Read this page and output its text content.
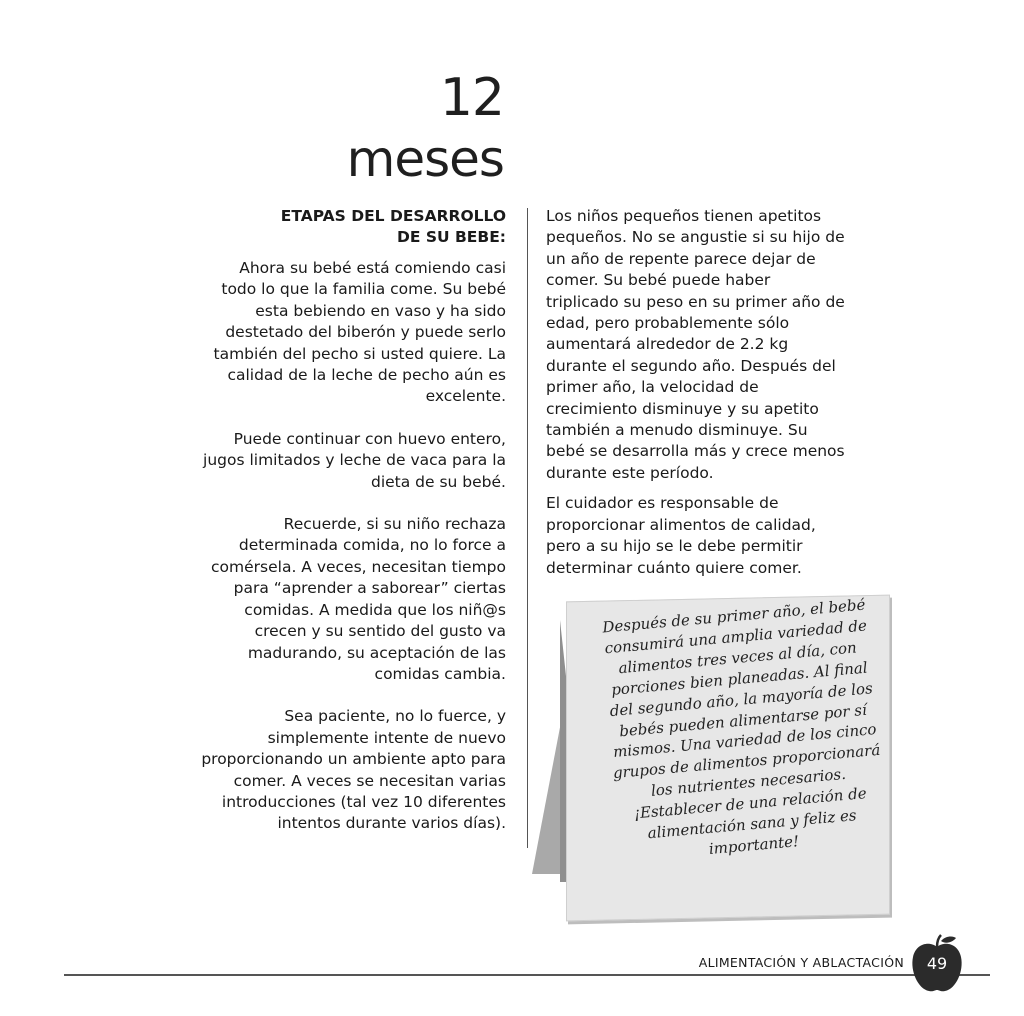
12
meses
ETAPAS DEL DESARROLLO
DE SU BEBE:

Ahora su bebé está comiendo casi todo lo que la familia come. Su bebé esta bebiendo en vaso y ha sido destetado del biberón y puede serlo también del pecho si usted quiere. La calidad de la leche de pecho aún es excelente.

Puede continuar con huevo entero, jugos limitados y leche de vaca para la dieta de su bebé.

Recuerde, si su niño rechaza determinada comida, no lo force a comérsela. A veces, necesitan tiempo para “aprender a saborear” ciertas comidas. A medida que los niñ@s crecen y su sentido del gusto va madurando, su aceptación de las comidas cambia.

Sea paciente, no lo fuerce, y simplemente intente de nuevo proporcionando un ambiente apto para comer. A veces se necesitan varias introducciones (tal vez 10 diferentes intentos durante varios días).

Los niños pequeños tienen apetitos pequeños. No se angustie si su hijo de un año de repente parece dejar de comer. Su bebé puede haber triplicado su peso en su primer año de edad, pero probablemente sólo aumentará alrededor de 2.2 kg durante el segundo año. Después del primer año, la velocidad de crecimiento disminuye y su apetito también a menudo disminuye. Su bebé se desarrolla más y crece menos durante este período.

El cuidador es responsable de proporcionar alimentos de calidad, pero a su hijo se le debe permitir determinar cuánto quiere comer.

Después de su primer año, el bebé consumirá una amplia variedad de alimentos tres veces al día, con porciones bien planeadas. Al final del segundo año, la mayoría de los bebés pueden alimentarse por sí mismos. Una variedad de los cinco grupos de alimentos proporcionará los nutrientes necesarios. ¡Establecer de una relación de alimentación sana y feliz es importante!
ALIMENTACIÓN Y ABLACTACIÓN	49
